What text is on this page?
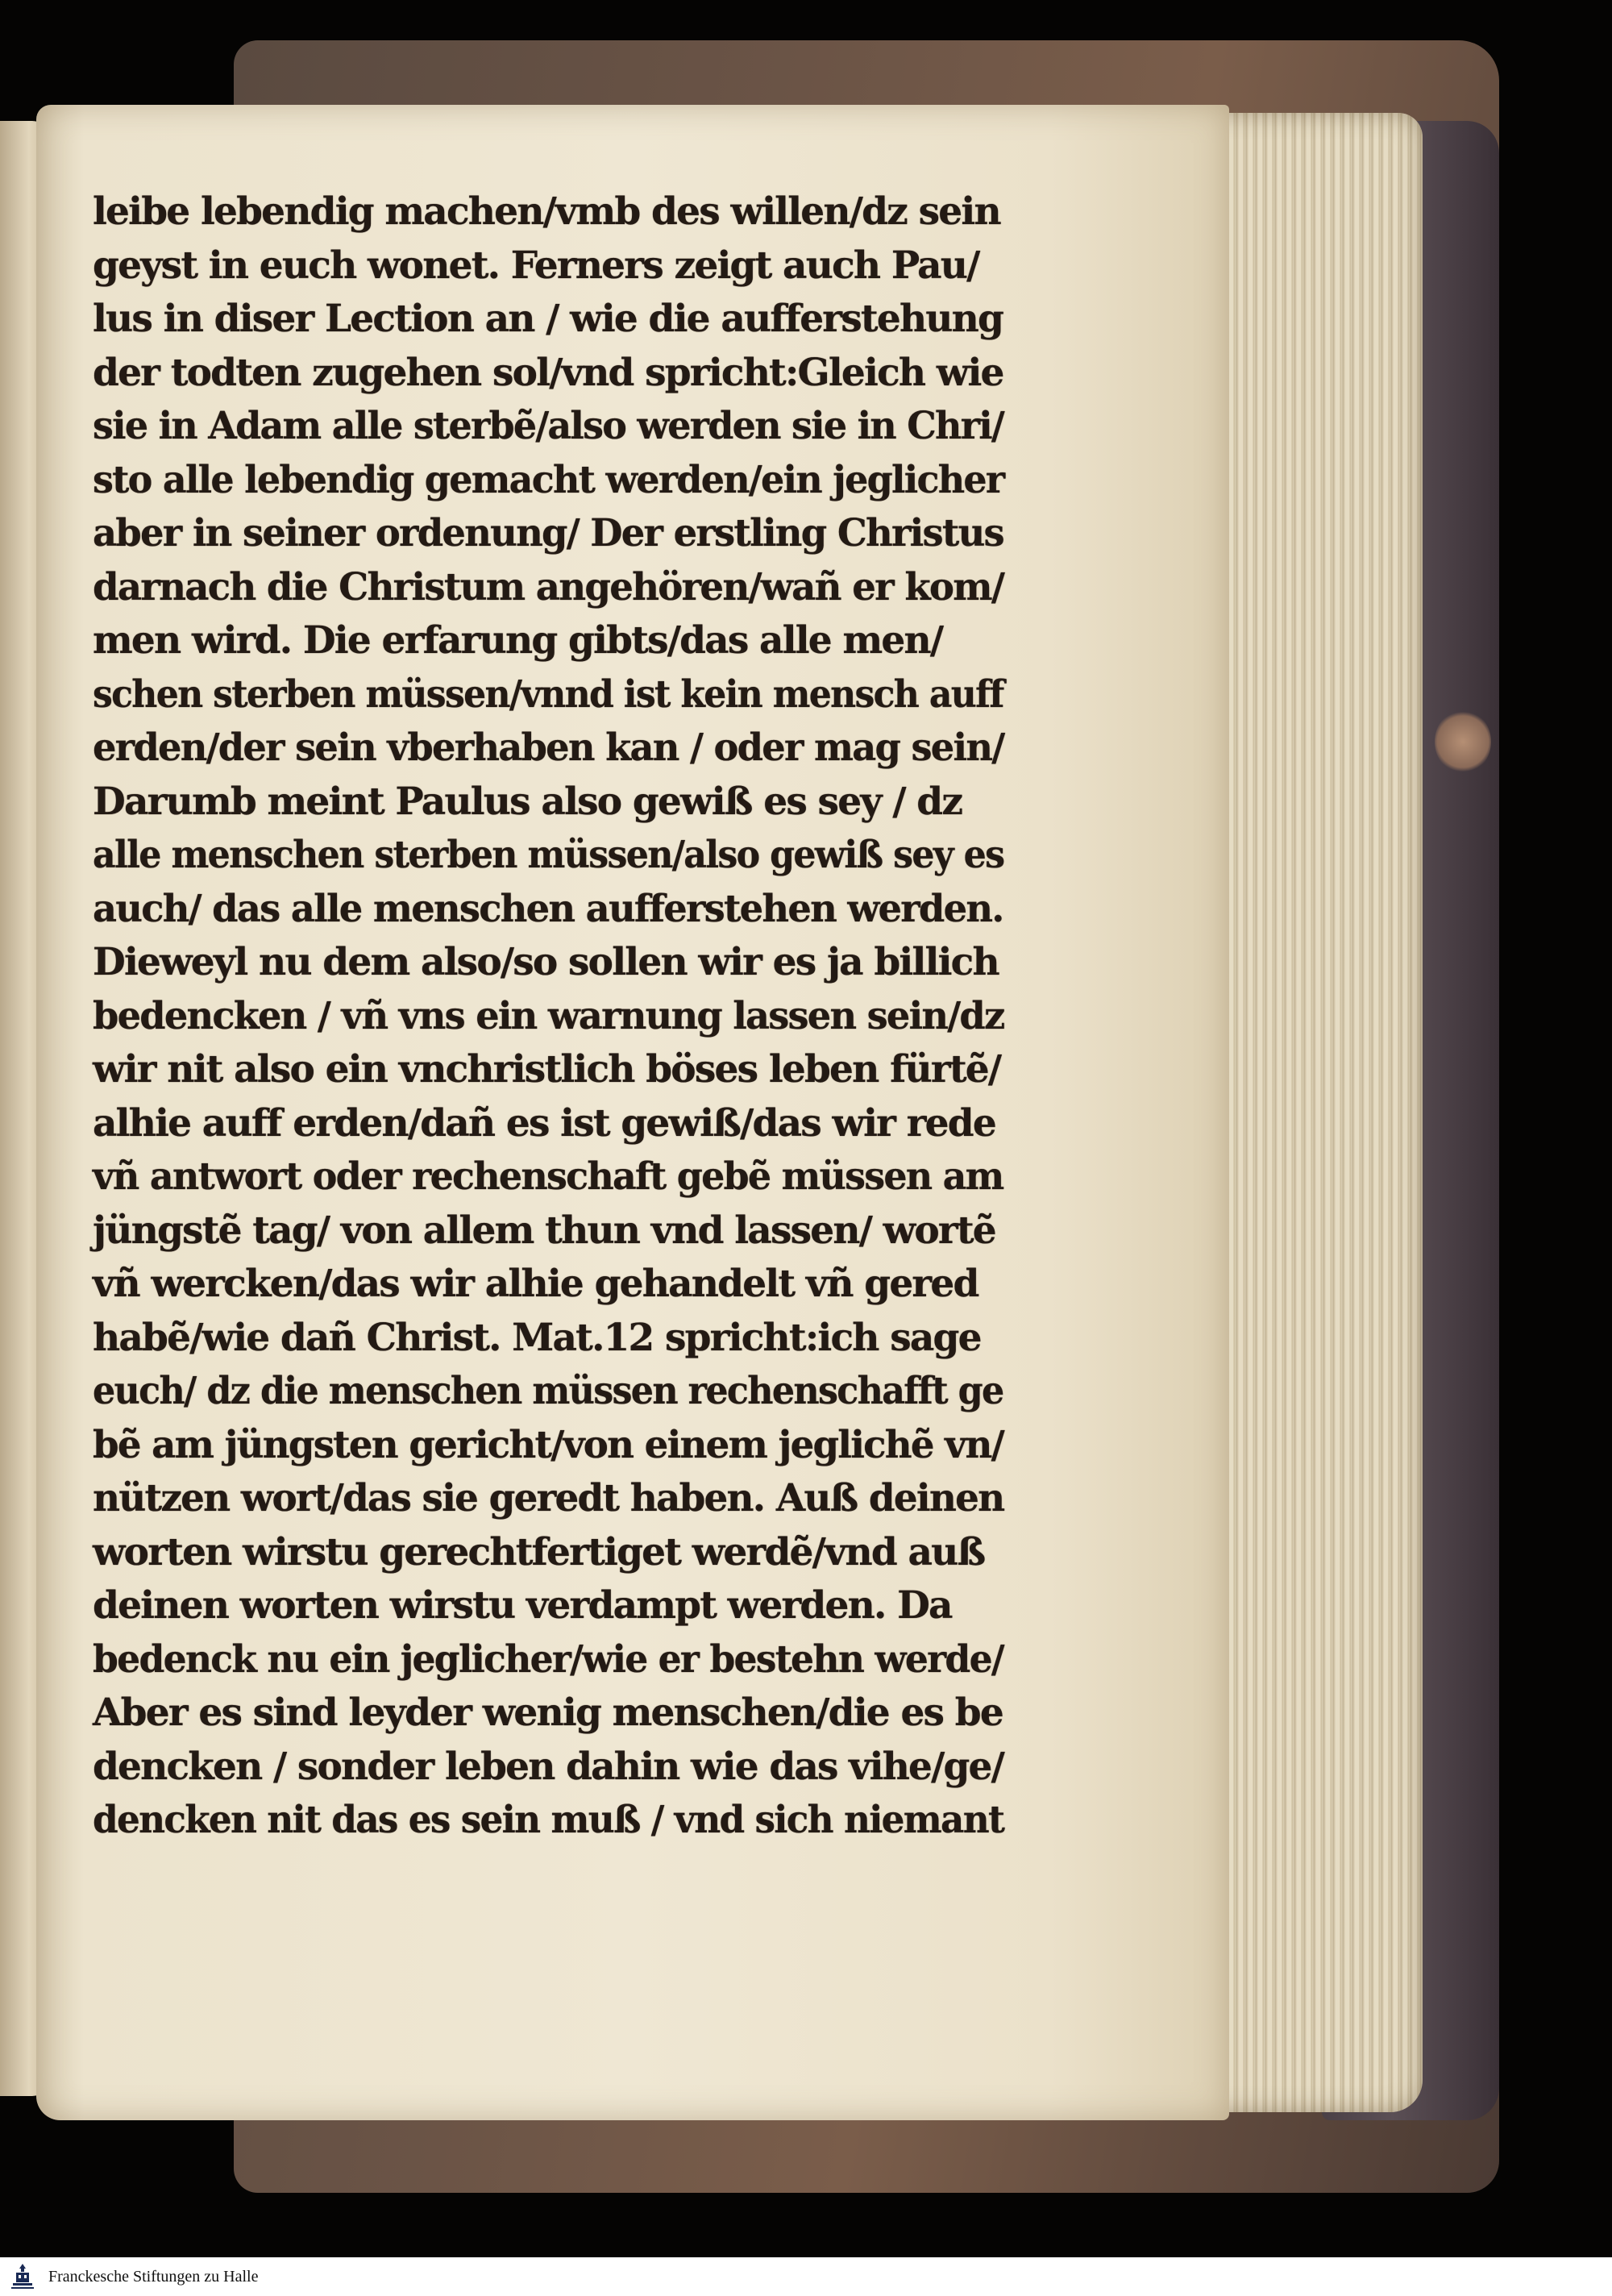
leibe lebendig machen/vmb des willen/dz sein
geyst in euch wonet. Ferners zeigt auch Pau/
lus in diser Lection an / wie die aufferstehung
der todten zugehen sol/vnd spricht:Gleich wie
sie in Adam alle sterbẽ/also werden sie in Chri/
sto alle lebendig gemacht werden/ein jeglicher
aber in seiner ordenung/ Der erstling Christus
darnach die Christum angehören/wañ er kom/
men wird. Die erfarung gibts/das alle men/
schen sterben müssen/vnnd ist kein mensch auff
erden/der sein vberhaben kan / oder mag sein/
Darumb meint Paulus also gewiß es sey / dz
alle menschen sterben müssen/also gewiß sey es
auch/ das alle menschen aufferstehen werden.
Dieweyl nu dem also/so sollen wir es ja billich
bedencken / vñ vns ein warnung lassen sein/dz
wir nit also ein vnchristlich böses leben fürtẽ/
alhie auff erden/dañ es ist gewiß/das wir rede
vñ antwort oder rechenschaft gebẽ müssen am
jüngstẽ tag/ von allem thun vnd lassen/ wortẽ
vñ wercken/das wir alhie gehandelt vñ gered
habẽ/wie dañ Christ. Mat.12 spricht:ich sage
euch/ dz die menschen müssen rechenschafft ge
bẽ am jüngsten gericht/von einem jeglichẽ vn/
nützen wort/das sie geredt haben. Auß deinen
worten wirstu gerechtfertiget werdẽ/vnd auß
deinen worten wirstu verdampt werden. Da
bedenck nu ein jeglicher/wie er bestehn werde/
Aber es sind leyder wenig menschen/die es be
dencken / sonder leben dahin wie das vihe/ge/
dencken nit das es sein muß / vnd sich niemant
Franckesche Stiftungen zu Halle
